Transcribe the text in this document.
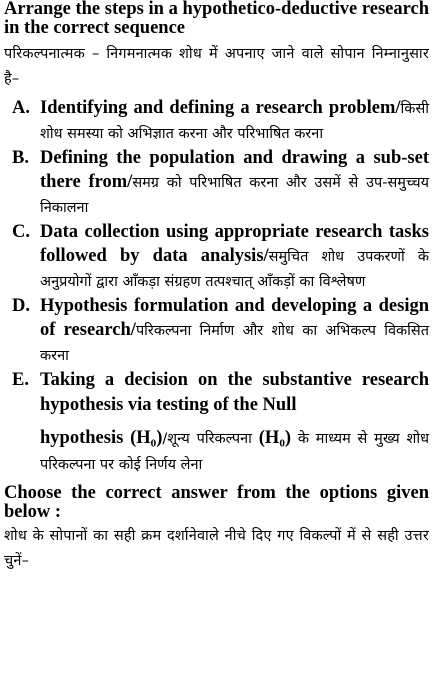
Arrange the steps in a hypothetico-deductive research in the correct sequence

परिकल्पनात्मक – निगमनात्मक शोध में अपनाए जाने वाले सोपान निम्नानुसार है–

A. Identifying and defining a research problem/किसी शोध समस्या को अभिज्ञात करना और परिभाषित करना
B. Defining the population and drawing a sub-set there from/समग्र को परिभाषित करना और उसमें से उप-समुच्चय निकालना
C. Data collection using appropriate research tasks followed by data analysis/समुचित शोध उपकरणों के अनुप्रयोगों द्वारा आँकड़ा संग्रहण तत्पश्चात् आँकड़ों का विश्लेषण
D. Hypothesis formulation and developing a design of research/परिकल्पना निर्माण और शोध का अभिकल्प विकसित करना
E. Taking a decision on the substantive research hypothesis via testing of the Null
hypothesis (H₀)/शून्य परिकल्पना (H₀) के माध्यम से मुख्य शोध परिकल्पना पर कोई निर्णय लेना

Choose the correct answer from the options given below :

शोध के सोपानों का सही क्रम दर्शानेवाले नीचे दिए गए विकल्पों में से सही उत्तर चुनें–
